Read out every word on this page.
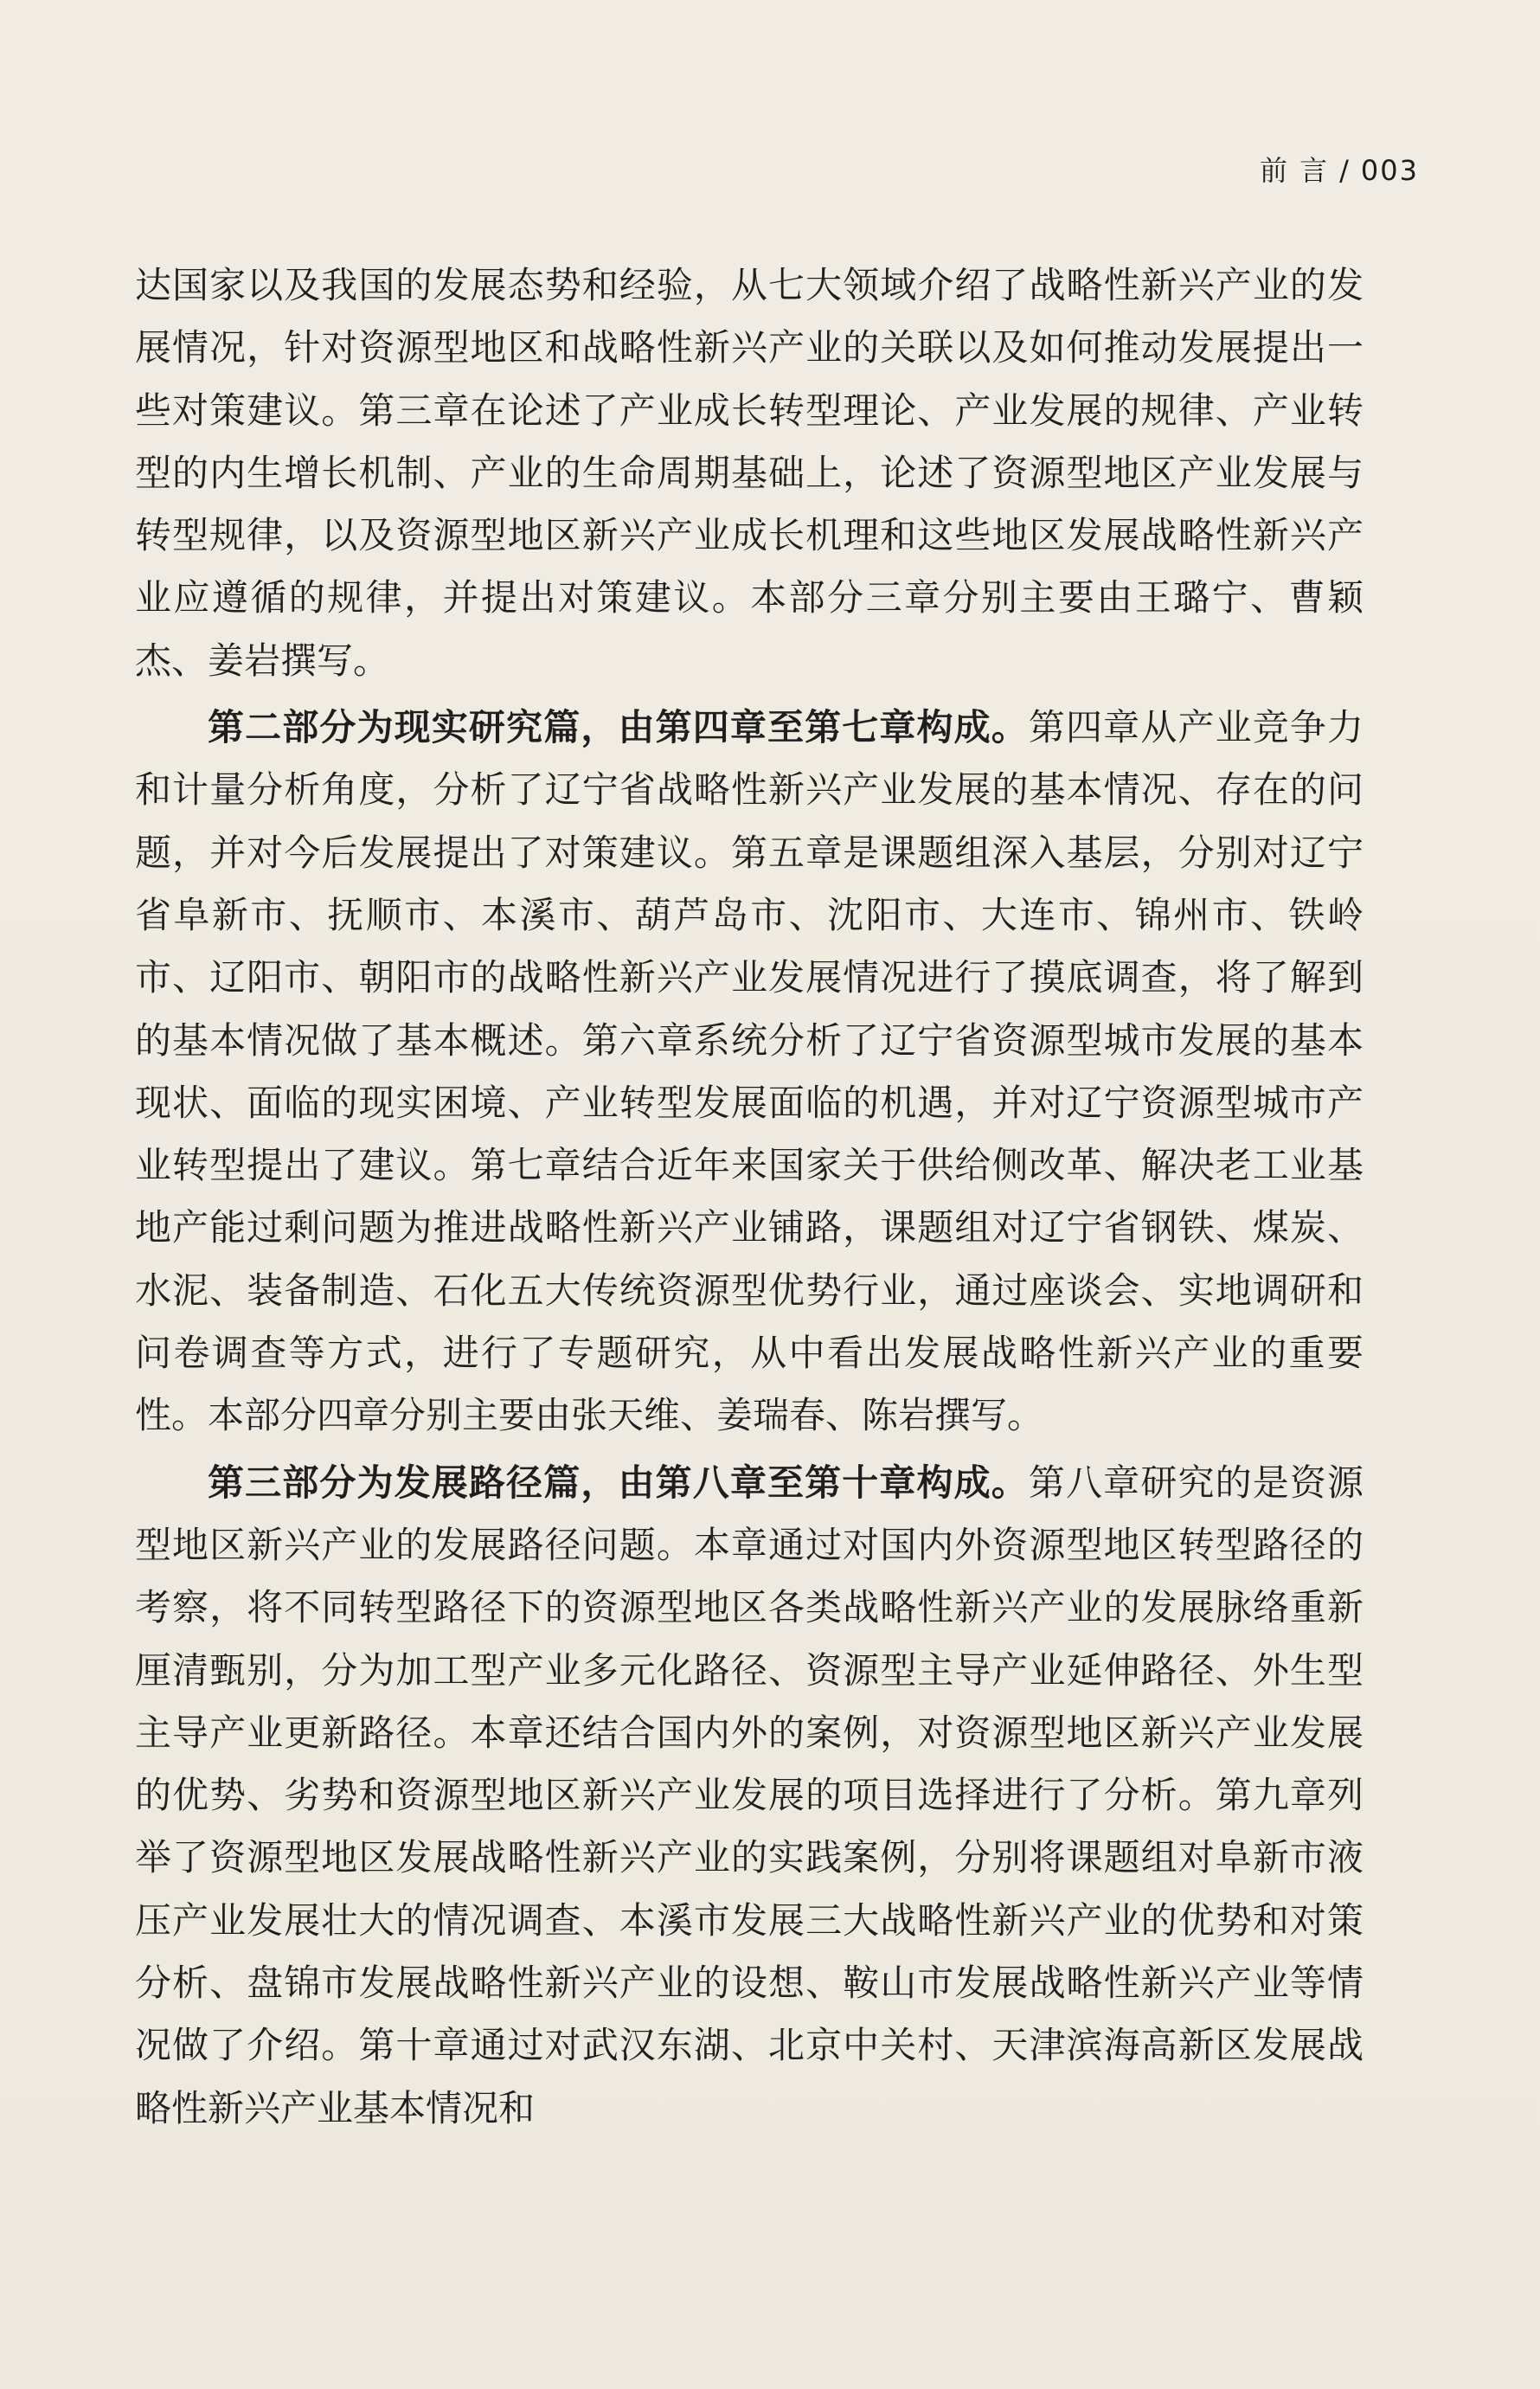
前 言 / 003

达国家以及我国的发展态势和经验，从七大领域介绍了战略性新兴产业的发展情况，针对资源型地区和战略性新兴产业的关联以及如何推动发展提出一些对策建议。第三章在论述了产业成长转型理论、产业发展的规律、产业转型的内生增长机制、产业的生命周期基础上，论述了资源型地区产业发展与转型规律，以及资源型地区新兴产业成长机理和这些地区发展战略性新兴产业应遵循的规律，并提出对策建议。本部分三章分别主要由王璐宁、曹颖杰、姜岩撰写。

第二部分为现实研究篇，由第四章至第七章构成。第四章从产业竞争力和计量分析角度，分析了辽宁省战略性新兴产业发展的基本情况、存在的问题，并对今后发展提出了对策建议。第五章是课题组深入基层，分别对辽宁省阜新市、抚顺市、本溪市、葫芦岛市、沈阳市、大连市、锦州市、铁岭市、辽阳市、朝阳市的战略性新兴产业发展情况进行了摸底调查，将了解到的基本情况做了基本概述。第六章系统分析了辽宁省资源型城市发展的基本现状、面临的现实困境、产业转型发展面临的机遇，并对辽宁资源型城市产业转型提出了建议。第七章结合近年来国家关于供给侧改革、解决老工业基地产能过剩问题为推进战略性新兴产业铺路，课题组对辽宁省钢铁、煤炭、水泥、装备制造、石化五大传统资源型优势行业，通过座谈会、实地调研和问卷调查等方式，进行了专题研究，从中看出发展战略性新兴产业的重要性。本部分四章分别主要由张天维、姜瑞春、陈岩撰写。

第三部分为发展路径篇，由第八章至第十章构成。第八章研究的是资源型地区新兴产业的发展路径问题。本章通过对国内外资源型地区转型路径的考察，将不同转型路径下的资源型地区各类战略性新兴产业的发展脉络重新厘清甄别，分为加工型产业多元化路径、资源型主导产业延伸路径、外生型主导产业更新路径。本章还结合国内外的案例，对资源型地区新兴产业发展的优势、劣势和资源型地区新兴产业发展的项目选择进行了分析。第九章列举了资源型地区发展战略性新兴产业的实践案例，分别将课题组对阜新市液压产业发展壮大的情况调查、本溪市发展三大战略性新兴产业的优势和对策分析、盘锦市发展战略性新兴产业的设想、鞍山市发展战略性新兴产业等情况做了介绍。第十章通过对武汉东湖、北京中关村、天津滨海高新区发展战略性新兴产业基本情况和
